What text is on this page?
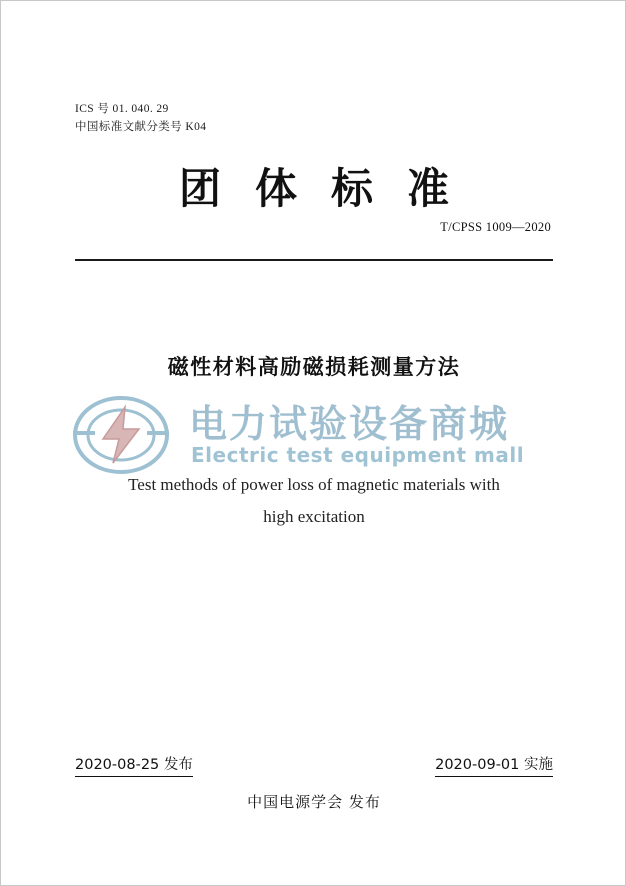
ICS 号 01. 040. 29
中国标准文献分类号 K04
团体标准
T/CPSS 1009—2020
磁性材料高励磁损耗测量方法
电力试验设备商城
Electric test equipment mall
Test methods of power loss of magnetic materials with
high excitation
2020-08-25 发布	2020-09-01 实施
中国电源学会 发布
